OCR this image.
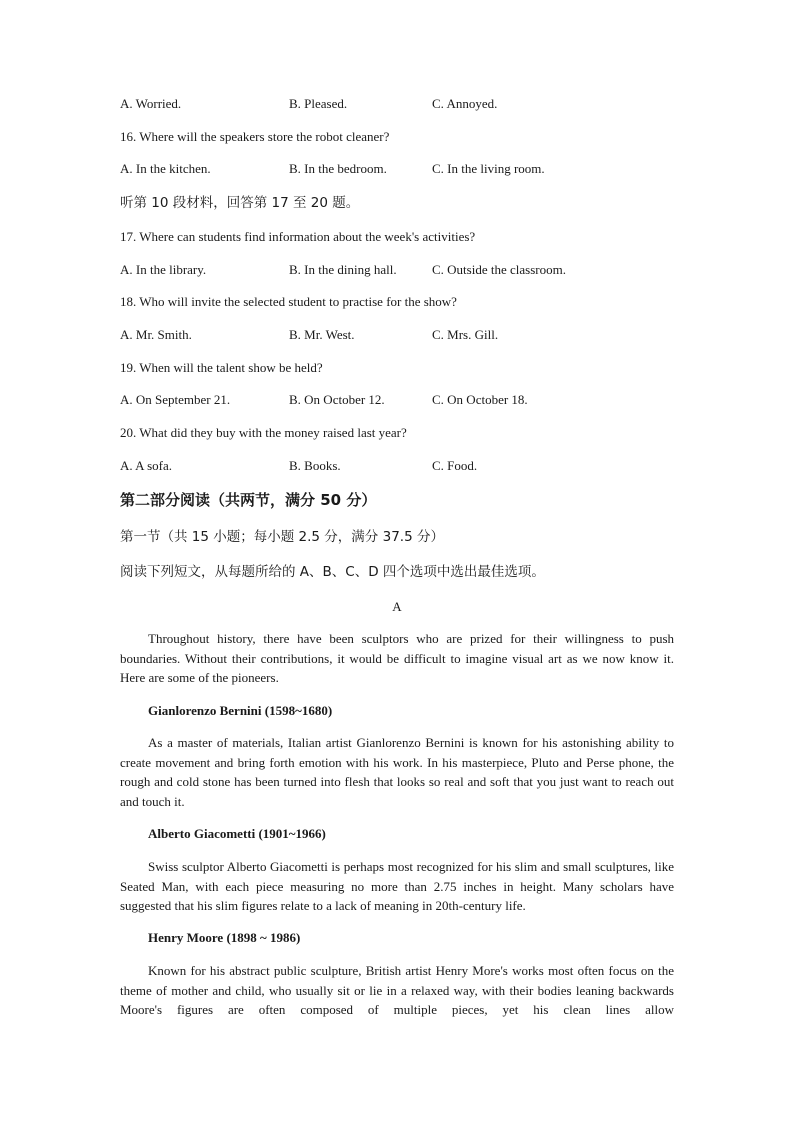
A. Worried.	B. Pleased.	C. Annoyed.
16. Where will the speakers store the robot cleaner?
A. In the kitchen.	B. In the bedroom.	C. In the living room.
听第 10 段材料，回答第 17 至 20 题。
17. Where can students find information about the week's activities?
A. In the library.	B. In the dining hall.	C. Outside the classroom.
18. Who will invite the selected student to practise for the show?
A. Mr. Smith.	B. Mr. West.	C. Mrs. Gill.
19. When will the talent show be held?
A. On September 21.	B. On October 12.	C. On October 18.
20. What did they buy with the money raised last year?
A. A sofa.	B. Books.	C. Food.
第二部分阅读（共两节，满分 50 分）
第一节（共 15 小题；每小题 2.5 分，满分 37.5 分）
阅读下列短文，从每题所给的 A、B、C、D 四个选项中选出最佳选项。
A

Throughout history, there have been sculptors who are prized for their willingness to push boundaries. Without their contributions, it would be difficult to imagine visual art as we now know it. Here are some of the pioneers.

Gianlorenzo Bernini (1598~1680)

As a master of materials, Italian artist Gianlorenzo Bernini is known for his astonishing ability to create movement and bring forth emotion with his work. In his masterpiece, Pluto and Perse phone, the rough and cold stone has been turned into flesh that looks so real and soft that you just want to reach out and touch it.

Alberto Giacometti (1901~1966)

Swiss sculptor Alberto Giacometti is perhaps most recognized for his slim and small sculptures, like Seated Man, with each piece measuring no more than 2.75 inches in height. Many scholars have suggested that his slim figures relate to a lack of meaning in 20th-century life.

Henry Moore (1898 ~ 1986)

Known for his abstract public sculpture, British artist Henry More's works most often focus on the theme of mother and child, who usually sit or lie in a relaxed way, with their bodies leaning backwards Moore's figures are often composed of multiple pieces, yet his clean lines allow
